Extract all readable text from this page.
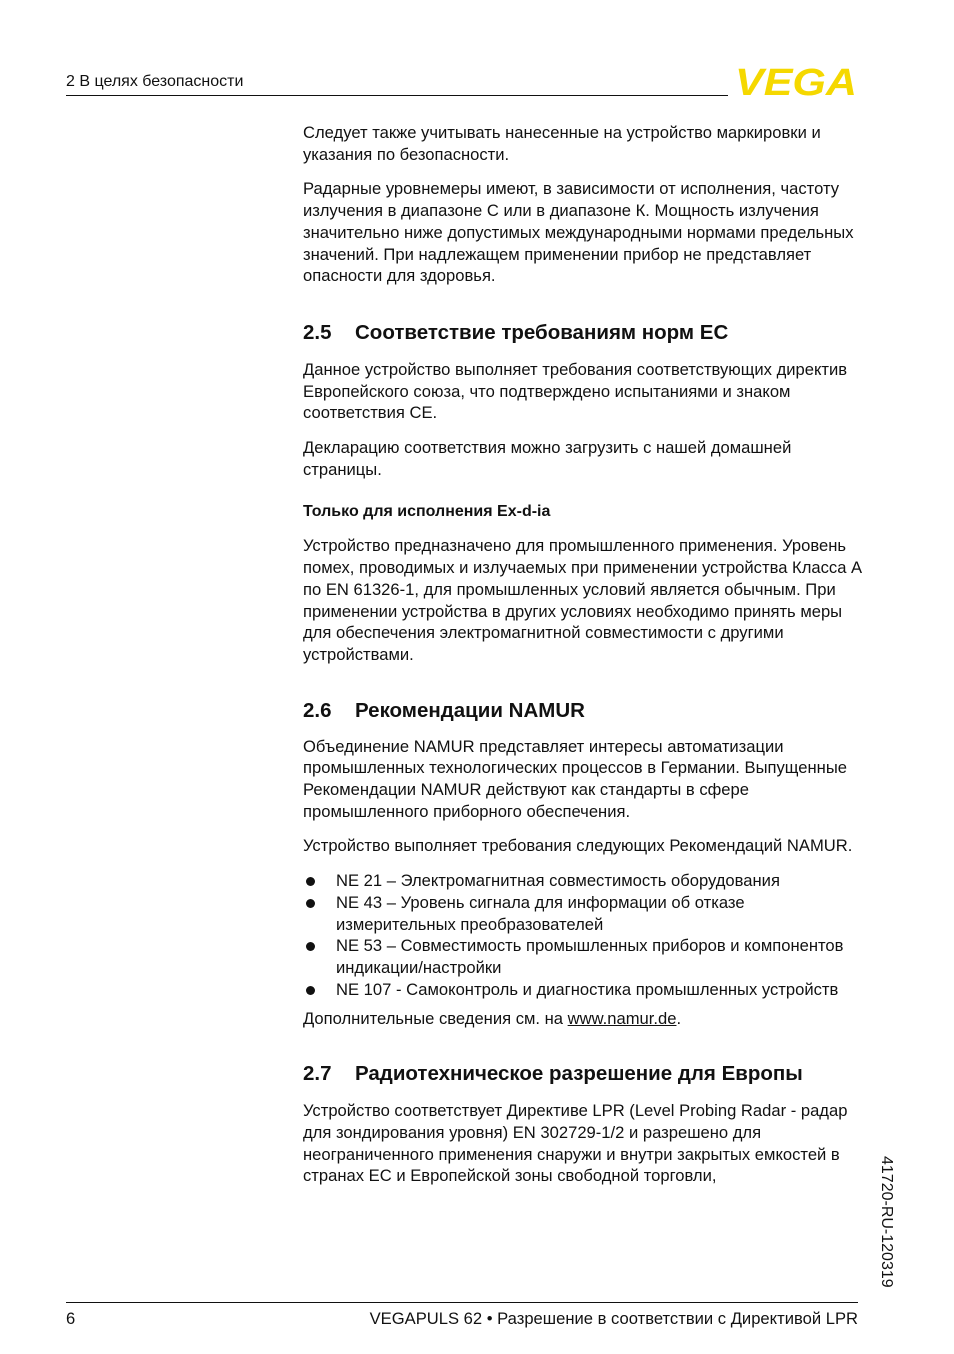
2 В целях безопасности	VEGA

Следует также учитывать нанесенные на устройство маркировки и указания по безопасности.

Радарные уровнемеры имеют, в зависимости от исполнения, частоту излучения в диапазоне С или в диапазоне К. Мощность излучения значительно ниже допустимых международными нормами предельных значений. При надлежащем применении прибор не представляет опасности для здоровья.

2.5 Соответствие требованиям норм ЕС

Данное устройство выполняет требования соответствующих директив Европейского союза, что подтверждено испытаниями и знаком соответствия CE.

Декларацию соответствия можно загрузить с нашей домашней страницы.

Только для исполнения Ex-d-ia

Устройство предназначено для промышленного применения. Уровень помех, проводимых и излучаемых при применении устройства Класса А по EN 61326-1, для промышленных условий является обычным. При применении устройства в других условиях необходимо принять меры для обеспечения электромагнитной совместимости с другими устройствами.

2.6 Рекомендации NAMUR

Объединение NAMUR представляет интересы автоматизации промышленных технологических процессов в Германии. Выпущенные Рекомендации NAMUR действуют как стандарты в сфере промышленного приборного обеспечения.

Устройство выполняет требования следующих Рекомендаций NAMUR.

NE 21 – Электромагнитная совместимость оборудования
NE 43 – Уровень сигнала для информации об отказе измерительных преобразователей
NE 53 – Совместимость промышленных приборов и компонентов индикации/настройки
NE 107 - Самоконтроль и диагностика промышленных устройств

Дополнительные сведения см. на www.namur.de.

2.7 Радиотехническое разрешение для Европы

Устройство соответствует Директиве LPR (Level Probing Radar - радар для зондирования уровня) EN 302729-1/2 и разрешено для неограниченного применения снаружи и внутри закрытых емкостей в странах ЕС и Европейской зоны свободной торговли,	41720-RU-120319
6	VEGAPULS 62 • Разрешение в соответствии с Директивой LPR
